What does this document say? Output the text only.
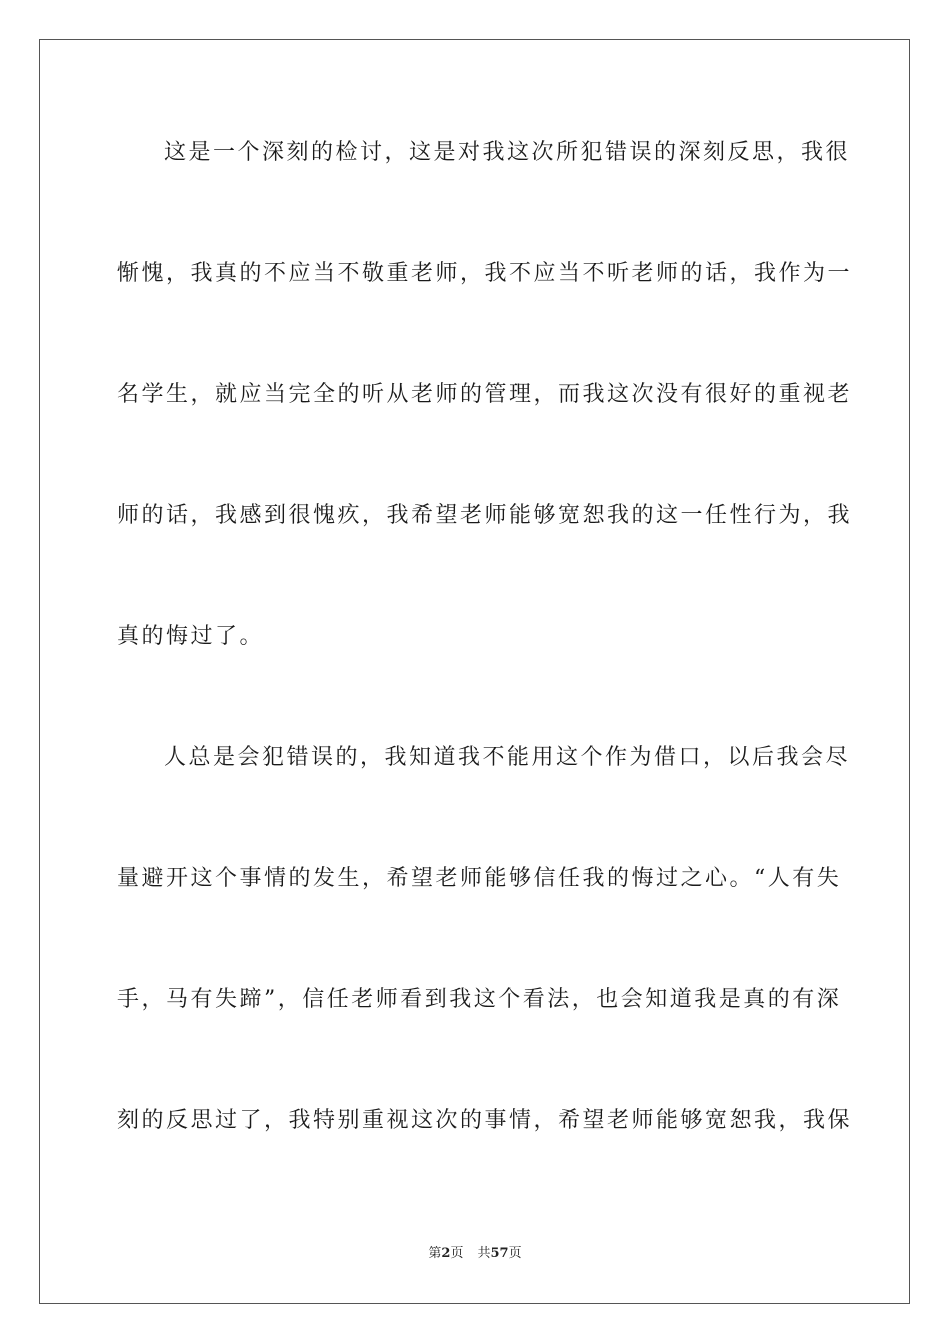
这是一个深刻的检讨，这是对我这次所犯错误的深刻反思，我很
惭愧，我真的不应当不敬重老师，我不应当不听老师的话，我作为一
名学生，就应当完全的听从老师的管理，而我这次没有很好的重视老
师的话，我感到很愧疚，我希望老师能够宽恕我的这一任性行为，我
真的悔过了。
人总是会犯错误的，我知道我不能用这个作为借口，以后我会尽
量避开这个事情的发生，希望老师能够信任我的悔过之心。“人有失
手，马有失蹄”，信任老师看到我这个看法，也会知道我是真的有深
刻的反思过了，我特别重视这次的事情，希望老师能够宽恕我，我保
第2页 共57页
